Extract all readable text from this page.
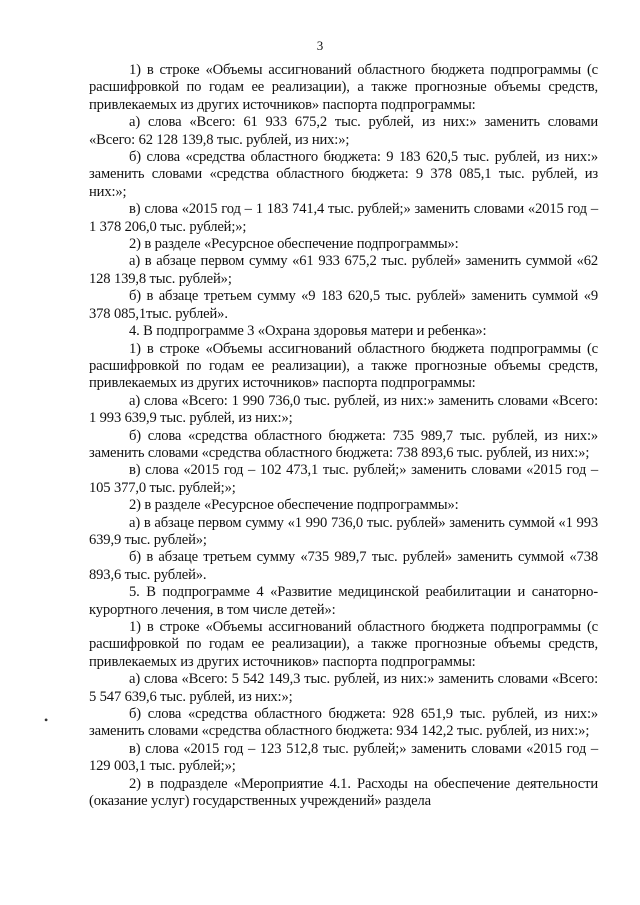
3
•

1) в строке «Объемы ассигнований областного бюджета подпрограммы (с расшифровкой по годам ее реализации), а также прогнозные объемы средств, привлекаемых из других источников» паспорта подпрограммы:

а) слова «Всего: 61 933 675,2 тыс. рублей, из них:» заменить словами «Всего: 62 128 139,8 тыс. рублей, из них:»;

б) слова «средства областного бюджета: 9 183 620,5 тыс. рублей, из них:» заменить словами «средства областного бюджета: 9 378 085,1 тыс. рублей, из них:»;

в) слова «2015 год – 1 183 741,4 тыс. рублей;» заменить словами «2015 год – 1 378 206,0 тыс. рублей;»;

2) в разделе «Ресурсное обеспечение подпрограммы»:

а) в абзаце первом сумму «61 933 675,2 тыс. рублей» заменить суммой «62 128 139,8 тыс. рублей»;

б) в абзаце третьем сумму «9 183 620,5 тыс. рублей» заменить суммой «9 378 085,1тыс. рублей».

4. В подпрограмме 3 «Охрана здоровья матери и ребенка»:

1) в строке «Объемы ассигнований областного бюджета подпрограммы (с расшифровкой по годам ее реализации), а также прогнозные объемы средств, привлекаемых из других источников» паспорта подпрограммы:

а) слова «Всего: 1 990 736,0 тыс. рублей, из них:» заменить словами «Всего: 1 993 639,9 тыс. рублей, из них:»;

б) слова «средства областного бюджета: 735 989,7 тыс. рублей, из них:» заменить словами «средства областного бюджета: 738 893,6 тыс. рублей, из них:»;

в) слова «2015 год – 102 473,1 тыс. рублей;» заменить словами «2015 год – 105 377,0 тыс. рублей;»;

2) в разделе «Ресурсное обеспечение подпрограммы»:

а) в абзаце первом сумму «1 990 736,0 тыс. рублей» заменить суммой «1 993 639,9 тыс. рублей»;

б) в абзаце третьем сумму «735 989,7 тыс. рублей» заменить суммой «738 893,6 тыс. рублей».

5. В подпрограмме 4 «Развитие медицинской реабилитации и санаторно-курортного лечения, в том числе детей»:

1) в строке «Объемы ассигнований областного бюджета подпрограммы (с расшифровкой по годам ее реализации), а также прогнозные объемы средств, привлекаемых из других источников» паспорта подпрограммы:

а) слова «Всего: 5 542 149,3 тыс. рублей, из них:» заменить словами «Всего: 5 547 639,6 тыс. рублей, из них:»;

б) слова «средства областного бюджета: 928 651,9 тыс. рублей, из них:» заменить словами «средства областного бюджета: 934 142,2 тыс. рублей, из них:»;

в) слова «2015 год – 123 512,8 тыс. рублей;» заменить словами «2015 год – 129 003,1 тыс. рублей;»;

2) в подразделе «Мероприятие 4.1. Расходы на обеспечение деятельности (оказание услуг) государственных учреждений» раздела
